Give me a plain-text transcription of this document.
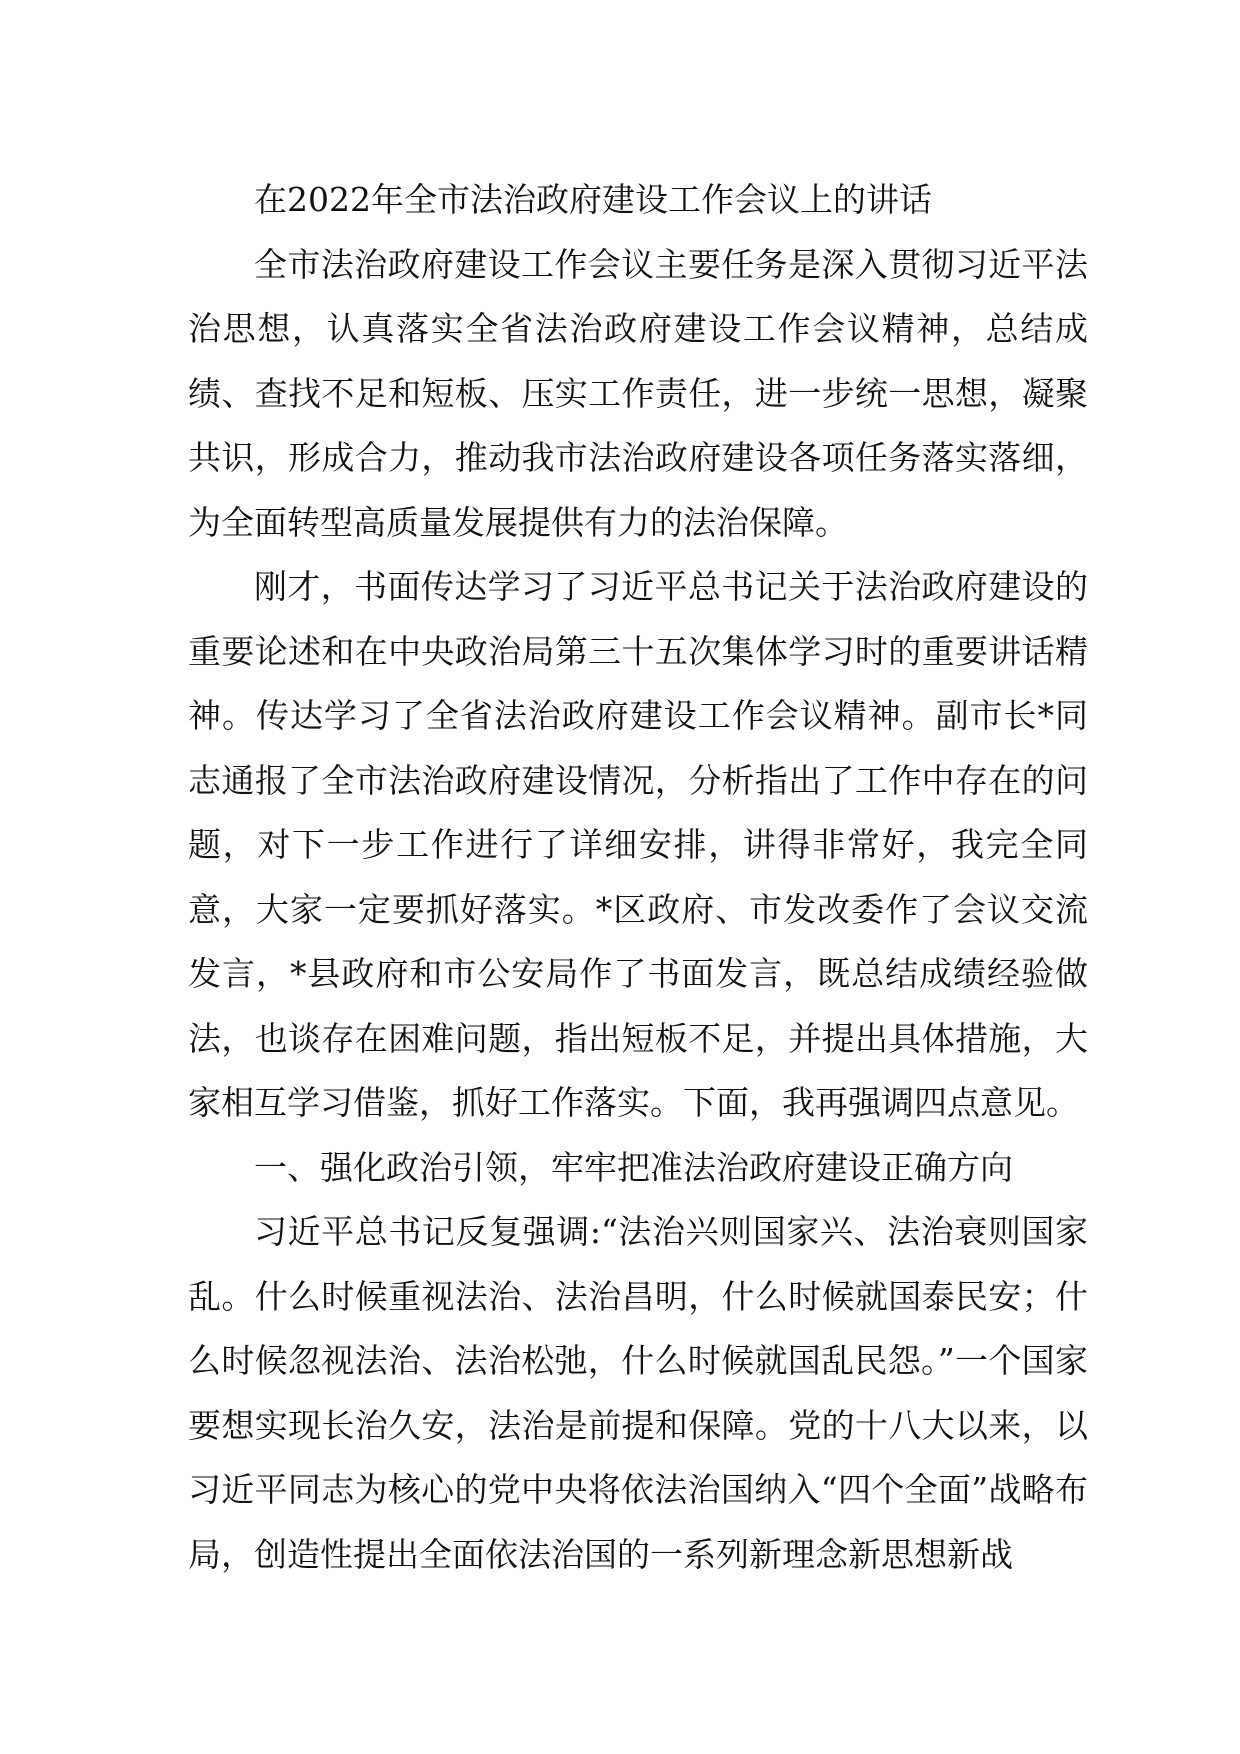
在2022年全市法治政府建设工作会议上的讲话

全市法治政府建设工作会议主要任务是深入贯彻习近平法治思想，认真落实全省法治政府建设工作会议精神，总结成绩、查找不足和短板、压实工作责任，进一步统一思想，凝聚共识，形成合力，推动我市法治政府建设各项任务落实落细，为全面转型高质量发展提供有力的法治保障。

刚才，书面传达学习了习近平总书记关于法治政府建设的重要论述和在中央政治局第三十五次集体学习时的重要讲话精神。传达学习了全省法治政府建设工作会议精神。副市长*同志通报了全市法治政府建设情况，分析指出了工作中存在的问题，对下一步工作进行了详细安排，讲得非常好，我完全同意，大家一定要抓好落实。*区政府、市发改委作了会议交流发言，*县政府和市公安局作了书面发言，既总结成绩经验做法，也谈存在困难问题，指出短板不足，并提出具体措施，大家相互学习借鉴，抓好工作落实。下面，我再强调四点意见。

一、强化政治引领，牢牢把准法治政府建设正确方向

习近平总书记反复强调:“法治兴则国家兴、法治衰则国家乱。什么时候重视法治、法治昌明，什么时候就国泰民安；什么时候忽视法治、法治松弛，什么时候就国乱民怨。”一个国家要想实现长治久安，法治是前提和保障。党的十八大以来，以习近平同志为核心的党中央将依法治国纳入“四个全面”战略布局，创造性提出全面依法治国的一系列新理念新思想新战
